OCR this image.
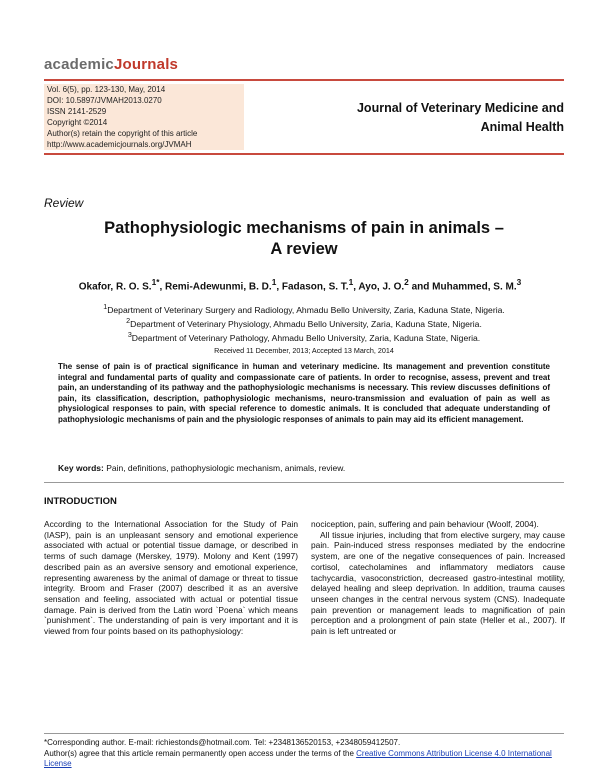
academicJournals
Vol. 6(5), pp. 123-130, May, 2014
DOI: 10.5897/JVMAH2013.0270
ISSN 2141-2529
Copyright ©2014
Author(s) retain the copyright of this article
http://www.academicjournals.org/JVMAH
Journal of Veterinary Medicine and
Animal Health
Review
Pathophysiologic mechanisms of pain in animals –
A review
Okafor, R. O. S.$^{1*}$, Remi-Adewunmi, B. D.$^1$, Fadason, S. T.$^1$, Ayo, J. O.$^2$ and Muhammed, S. M.$^3$
$^1$Department of Veterinary Surgery and Radiology, Ahmadu Bello University, Zaria, Kaduna State, Nigeria.
$^2$Department of Veterinary Physiology, Ahmadu Bello University, Zaria, Kaduna State, Nigeria.
$^3$Department of Veterinary Pathology, Ahmadu Bello University, Zaria, Kaduna State, Nigeria.
Received 11 December, 2013; Accepted 13 March, 2014
The sense of pain is of practical significance in human and veterinary medicine. Its management and prevention constitute integral and fundamental parts of quality and compassionate care of patients. In order to recognise, assess, prevent and treat pain, an understanding of its pathway and the pathophysiologic mechanisms is necessary. This review discusses definitions of pain, its classification, description, pathophysiologic mechanisms, neuro-transmission and evaluation of pain as well as physiological responses to pain, with special reference to domestic animals. It is concluded that adequate understanding of pathophysiologic mechanisms of pain and the physiologic responses of animals to pain may aid its efficient management.
Key words: Pain, definitions, pathophysiologic mechanism, animals, review.
INTRODUCTION

According to the International Association for the Study of Pain (IASP), pain is an unpleasant sensory and emotional experience associated with actual or potential tissue damage, or described in terms of such damage (Merskey, 1979). Molony and Kent (1997) described pain as an aversive sensory and emotional experience, representing awareness by the animal of damage or threat to tissue integrity. Broom and Fraser (2007) described it as an aversive sensation and feeling, associated with actual or potential tissue damage. Pain is derived from the Latin word `Poena` which means `punishment`. The understanding of pain is very important and it is viewed from four points based on its pathophysiology:

nociception, pain, suffering and pain behaviour (Woolf, 2004).

All tissue injuries, including that from elective surgery, may cause pain. Pain-induced stress responses mediated by the endocrine system, are one of the negative consequences of pain. Increased cortisol, catecholamines and inflammatory mediators cause tachycardia, vasoconstriction, decreased gastro-intestinal motility, delayed healing and sleep deprivation. In addition, trauma causes unseen changes in the central nervous system (CNS). Inadequate pain prevention or management leads to magnification of pain perception and a prolongment of pain state (Heller et al., 2007). If pain is left untreated or

*Corresponding author. E-mail: richiestonds@hotmail.com. Tel: +2348136520153, +2348059412507.

Author(s) agree that this article remain permanently open access under the terms of the Creative Commons Attribution License 4.0 International License
